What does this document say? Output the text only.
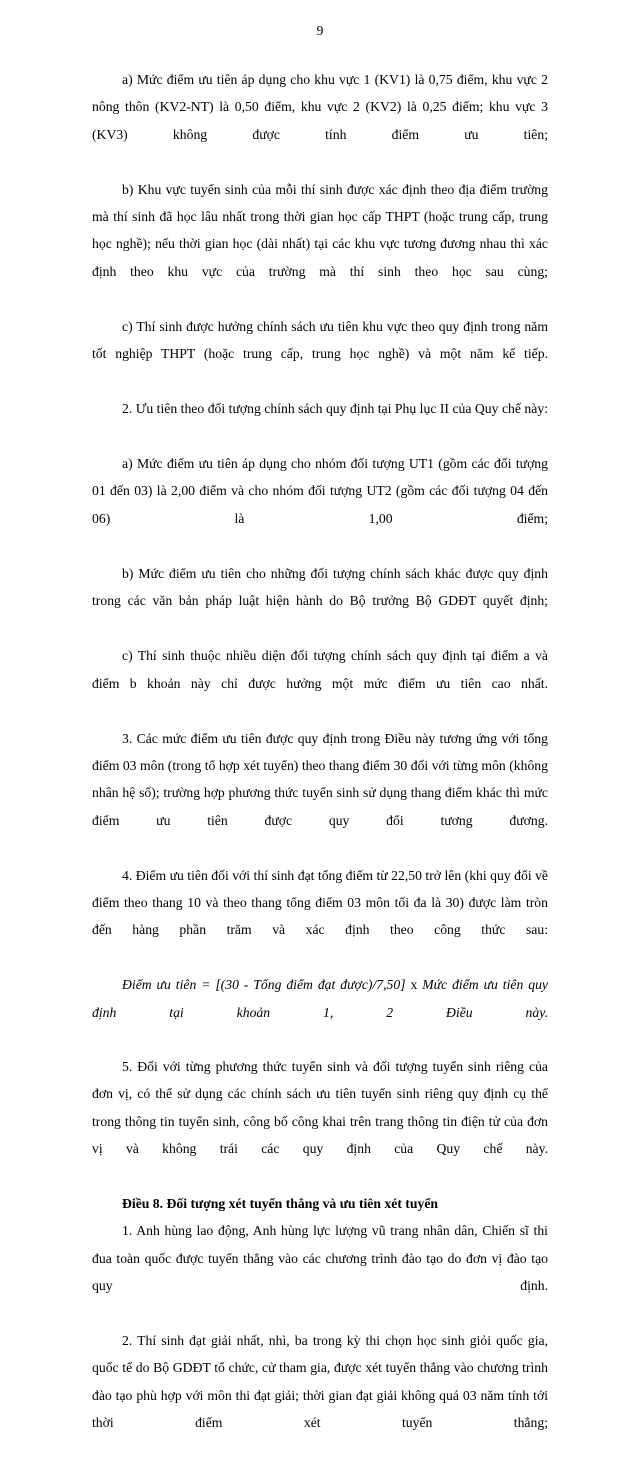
9

a) Mức điểm ưu tiên áp dụng cho khu vực 1 (KV1) là 0,75 điểm, khu vực 2 nông thôn (KV2-NT) là 0,50 điểm, khu vực 2 (KV2) là 0,25 điểm; khu vực 3 (KV3) không được tính điểm ưu tiên;

b) Khu vực tuyển sinh của mỗi thí sinh được xác định theo địa điểm trường mà thí sinh đã học lâu nhất trong thời gian học cấp THPT (hoặc trung cấp, trung học nghề); nếu thời gian học (dài nhất) tại các khu vực tương đương nhau thì xác định theo khu vực của trường mà thí sinh theo học sau cùng;

c) Thí sinh được hưởng chính sách ưu tiên khu vực theo quy định trong năm tốt nghiệp THPT (hoặc trung cấp, trung học nghề) và một năm kế tiếp.

2. Ưu tiên theo đối tượng chính sách quy định tại Phụ lục II của Quy chế này:

a) Mức điểm ưu tiên áp dụng cho nhóm đối tượng UT1 (gồm các đối tượng 01 đến 03) là 2,00 điểm và cho nhóm đối tượng UT2 (gồm các đối tượng 04 đến 06) là 1,00 điểm;

b) Mức điểm ưu tiên cho những đối tượng chính sách khác được quy định trong các văn bản pháp luật hiện hành do Bộ trưởng Bộ GDĐT quyết định;

c) Thí sinh thuộc nhiều diện đối tượng chính sách quy định tại điểm a và điểm b khoản này chỉ được hưởng một mức điểm ưu tiên cao nhất.

3. Các mức điểm ưu tiên được quy định trong Điều này tương ứng với tổng điểm 03 môn (trong tổ hợp xét tuyển) theo thang điểm 30 đối với từng môn (không nhân hệ số); trường hợp phương thức tuyển sinh sử dụng thang điểm khác thì mức điểm ưu tiên được quy đổi tương đương.

4. Điểm ưu tiên đối với thí sinh đạt tổng điểm từ 22,50 trở lên (khi quy đổi về điểm theo thang 10 và theo thang tổng điểm 03 môn tối đa là 30) được làm tròn đến hàng phần trăm và xác định theo công thức sau:

Điểm ưu tiên = [(30 - Tổng điểm đạt được)/7,50] x Mức điểm ưu tiên quy định tại khoản 1, 2 Điều này.

5. Đối với từng phương thức tuyển sinh và đối tượng tuyển sinh riêng của đơn vị, có thể sử dụng các chính sách ưu tiên tuyển sinh riêng quy định cụ thể trong thông tin tuyển sinh, công bố công khai trên trang thông tin điện tử của đơn vị và không trái các quy định của Quy chế này.

Điều 8. Đối tượng xét tuyển thẳng và ưu tiên xét tuyển

1. Anh hùng lao động, Anh hùng lực lượng vũ trang nhân dân, Chiến sĩ thi đua toàn quốc được tuyển thẳng vào các chương trình đào tạo do đơn vị đào tạo quy định.

2. Thí sinh đạt giải nhất, nhì, ba trong kỳ thi chọn học sinh giỏi quốc gia, quốc tế do Bộ GDĐT tổ chức, cử tham gia, được xét tuyển thẳng vào chương trình đào tạo phù hợp với môn thi đạt giải; thời gian đạt giải không quá 03 năm tính tới thời điểm xét tuyển thẳng;
